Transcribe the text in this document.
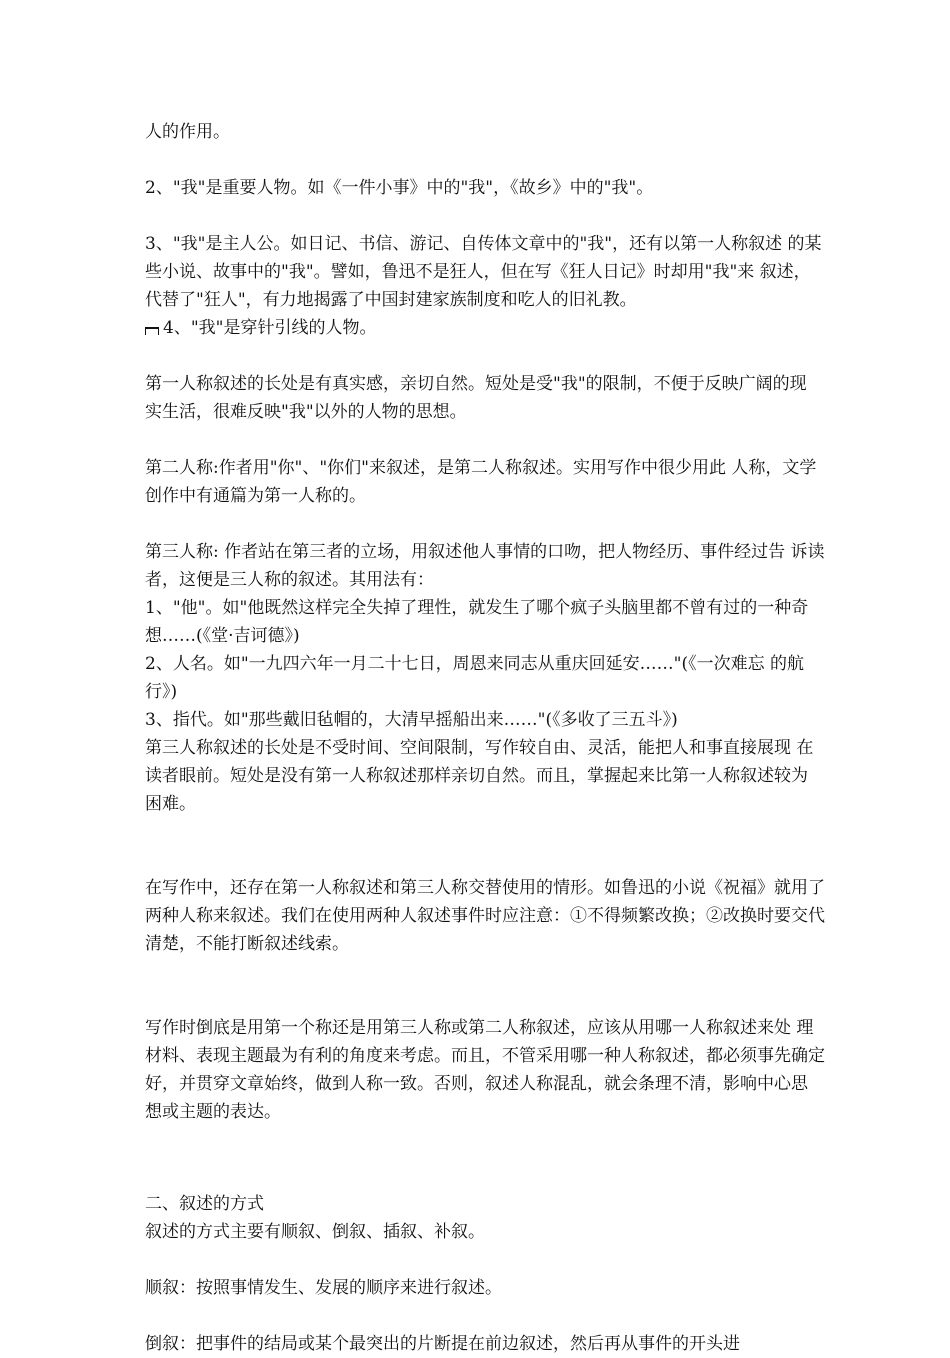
人的作用。

2、"我"是重要人物。如《一件小事》中的"我"，《故乡》中的"我"。

3、"我"是主人公。如日记、书信、游记、自传体文章中的"我"，还有以第一人称叙述 的某些小说、故事中的"我"。譬如，鲁迅不是狂人，但在写《狂人日记》时却用"我"来 叙述，代替了"狂人"，有力地揭露了中国封建家族制度和吃人的旧礼教。

4、"我"是穿针引线的人物。

第一人称叙述的长处是有真实感，亲切自然。短处是受"我"的限制，不便于反映广阔的现 实生活，很难反映"我"以外的人物的思想。

第二人称:作者用"你"、"你们"来叙述，是第二人称叙述。实用写作中很少用此 人称，文学创作中有通篇为第一人称的。

第三人称: 作者站在第三者的立场，用叙述他人事情的口吻，把人物经历、事件经过告 诉读者，这便是三人称的叙述。其用法有：

1、"他"。如"他既然这样完全失掉了理性，就发生了哪个疯子头脑里都不曾有过的一种奇想……(《堂·吉诃德》)

2、人名。如"一九四六年一月二十七日，周恩来同志从重庆回延安……"(《一次难忘 的航行》)

3、指代。如"那些戴旧毡帽的，大清早摇船出来……"(《多收了三五斗》)

第三人称叙述的长处是不受时间、空间限制，写作较自由、灵活，能把人和事直接展现 在读者眼前。短处是没有第一人称叙述那样亲切自然。而且，掌握起来比第一人称叙述较为 困难。

在写作中，还存在第一人称叙述和第三人称交替使用的情形。如鲁迅的小说《祝福》就用了两种人称来叙述。我们在使用两种人叙述事件时应注意：①不得频繁改换；②改换时要交代清楚，不能打断叙述线索。

写作时倒底是用第一个称还是用第三人称或第二人称叙述，应该从用哪一人称叙述来处 理材料、表现主题最为有利的角度来考虑。而且，不管采用哪一种人称叙述，都必须事先确定好，并贯穿文章始终，做到人称一致。否则，叙述人称混乱，就会条理不清，影响中心思 想或主题的表达。

二、叙述的方式

叙述的方式主要有顺叙、倒叙、插叙、补叙。

顺叙：按照事情发生、发展的顺序来进行叙述。

倒叙：把事件的结局或某个最突出的片断提在前边叙述，然后再从事件的开头进
